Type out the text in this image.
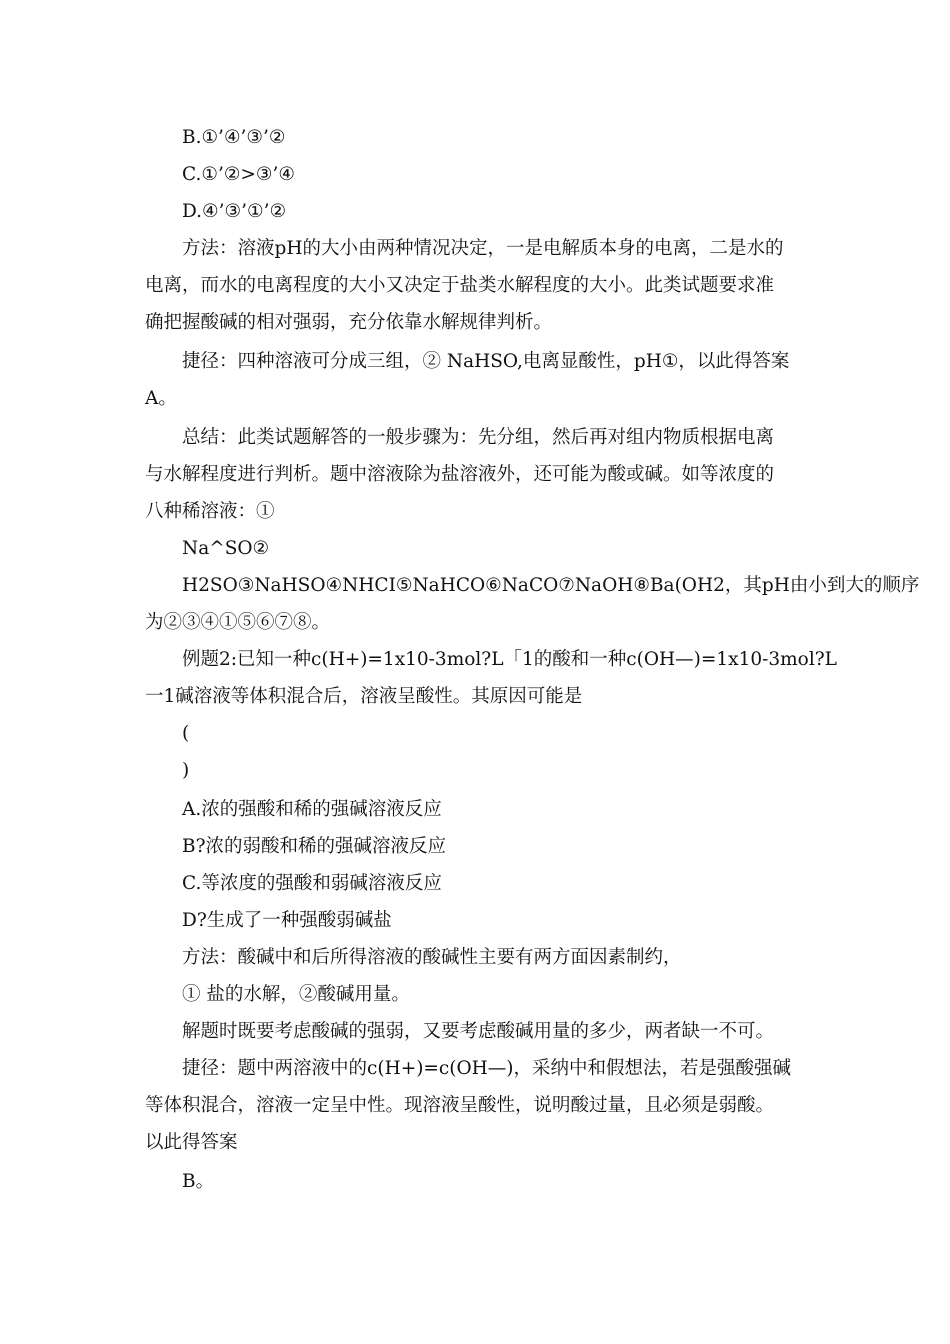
B.①’④’③’②
C.①’②>③’④
D.④’③’①’②
方法：溶液pH的大小由两种情况决定，一是电解质本身的电离，二是水的
电离，而水的电离程度的大小又决定于盐类水解程度的大小。此类试题要求准
确把握酸碱的相对强弱，充分依靠水解规律判析。
捷径：四种溶液可分成三组，② NaHSO,电离显酸性，pH①，以此得答案
A。
总结：此类试题解答的一般步骤为：先分组，然后再对组内物质根据电离
与水解程度进行判析。题中溶液除为盐溶液外，还可能为酸或碱。如等浓度的
八种稀溶液：①
Na^SO②
H2SO③NaHSO④NHCI⑤NaHCO⑥NaCO⑦NaOH⑧Ba(OH2，其pH由小到大的顺序
为②③④①⑤⑥⑦⑧。
例题2:已知一种c(H+)=1x10-3mol?L「1的酸和一种c(OH—)=1x10-3mol?L
一1碱溶液等体积混合后，溶液呈酸性。其原因可能是
(
)
A.浓的强酸和稀的强碱溶液反应
B?浓的弱酸和稀的强碱溶液反应
C.等浓度的强酸和弱碱溶液反应
D?生成了一种强酸弱碱盐
方法：酸碱中和后所得溶液的酸碱性主要有两方面因素制约，
① 盐的水解，②酸碱用量。
解题时既要考虑酸碱的强弱，又要考虑酸碱用量的多少，两者缺一不可。
捷径：题中两溶液中的c(H+)=c(OH—)，采纳中和假想法，若是强酸强碱
等体积混合，溶液一定呈中性。现溶液呈酸性，说明酸过量，且必须是弱酸。
以此得答案
B。
